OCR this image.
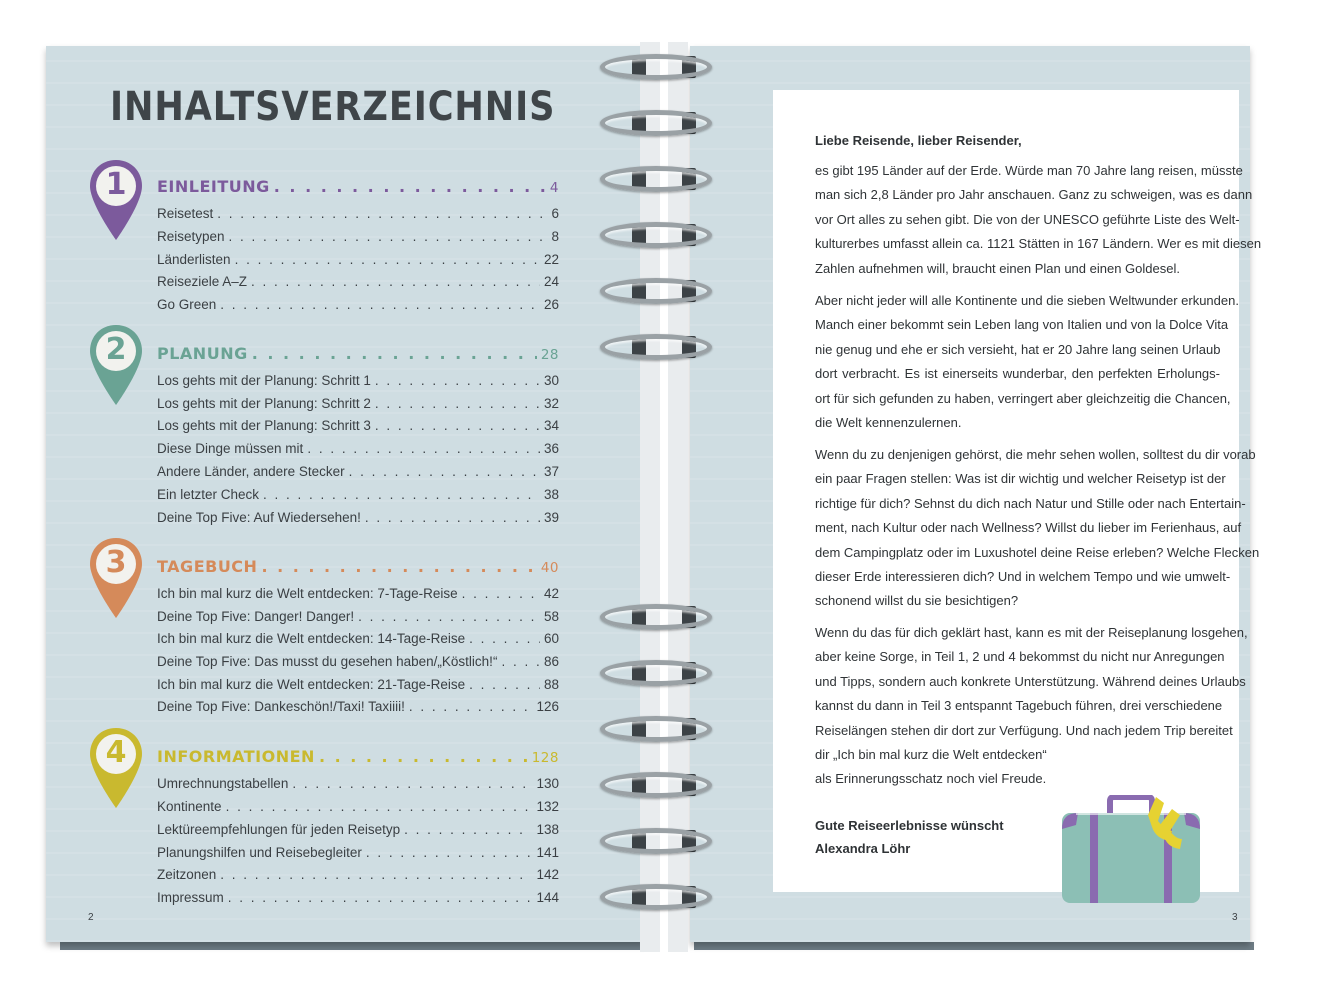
INHALTSVERZEICHNIS
1	EINLEITUNG . . .	4
Reisetest . . .	6
Reisetypen . . .	8
Länderlisten . . .	22
Reiseziele A–Z . . .	24
Go Green . . .	26
2	PLANUNG . . .	28
Los gehts mit der Planung: Schritt 1 . . .	30
Los gehts mit der Planung: Schritt 2 . . .	32
Los gehts mit der Planung: Schritt 3 . . .	34
Diese Dinge müssen mit . . .	36
Andere Länder, andere Stecker . . .	37
Ein letzter Check . . .	38
Deine Top Five: Auf Wiedersehen! . . .	39
3	TAGEBUCH . . .	40
Ich bin mal kurz die Welt entdecken: 7-Tage-Reise . . .	42
Deine Top Five: Danger! Danger! . . .	58
Ich bin mal kurz die Welt entdecken: 14-Tage-Reise . . .	60
Deine Top Five: Das musst du gesehen haben/„Köstlich!“ . . .	86
Ich bin mal kurz die Welt entdecken: 21-Tage-Reise . . .	88
Deine Top Five: Dankeschön!/Taxi! Taxiiii! . . .	126
4	INFORMATIONEN . . .	128
Umrechnungstabellen . . .	130
Kontinente . . .	132
Lektüreempfehlungen für jeden Reisetyp . . .	138
Planungshilfen und Reisebegleiter . . .	141
Zeitzonen . . .	142
Impressum . . .	144
2
Liebe Reisende, lieber Reisender,
es gibt 195 Länder auf der Erde. Würde man 70 Jahre lang reisen, müsste
man sich 2,8 Länder pro Jahr anschauen. Ganz zu schweigen, was es dann
vor Ort alles zu sehen gibt. Die von der UNESCO geführte Liste des Welt-
kulturerbes umfasst allein ca. 1121 Stätten in 167 Ländern. Wer es mit diesen
Zahlen aufnehmen will, braucht einen Plan und einen Goldesel.
Aber nicht jeder will alle Kontinente und die sieben Weltwunder erkunden.
Manch einer bekommt sein Leben lang von Italien und von la Dolce Vita
nie genug und ehe er sich versieht, hat er 20 Jahre lang seinen Urlaub
dort verbracht. Es ist einerseits wunderbar, den perfekten Erholungs-
ort für sich gefunden zu haben, verringert aber gleichzeitig die Chancen,
die Welt kennenzulernen.
Wenn du zu denjenigen gehörst, die mehr sehen wollen, solltest du dir vorab
ein paar Fragen stellen: Was ist dir wichtig und welcher Reisetyp ist der
richtige für dich? Sehnst du dich nach Natur und Stille oder nach Entertain-
ment, nach Kultur oder nach Wellness? Willst du lieber im Ferienhaus, auf
dem Campingplatz oder im Luxushotel deine Reise erleben? Welche Flecken
dieser Erde interessieren dich? Und in welchem Tempo und wie umwelt-
schonend willst du sie besichtigen?
Wenn du das für dich geklärt hast, kann es mit der Reiseplanung losgehen,
aber keine Sorge, in Teil 1, 2 und 4 bekommst du nicht nur Anregungen
und Tipps, sondern auch konkrete Unterstützung. Während deines Urlaubs
kannst du dann in Teil 3 entspannt Tagebuch führen, drei verschiedene
Reiselängen stehen dir dort zur Verfügung. Und nach jedem Trip bereitet
dir „Ich bin mal kurz die Welt entdecken“
als Erinnerungsschatz noch viel Freude.
Gute Reiseerlebnisse wünscht
Alexandra Löhr
3
